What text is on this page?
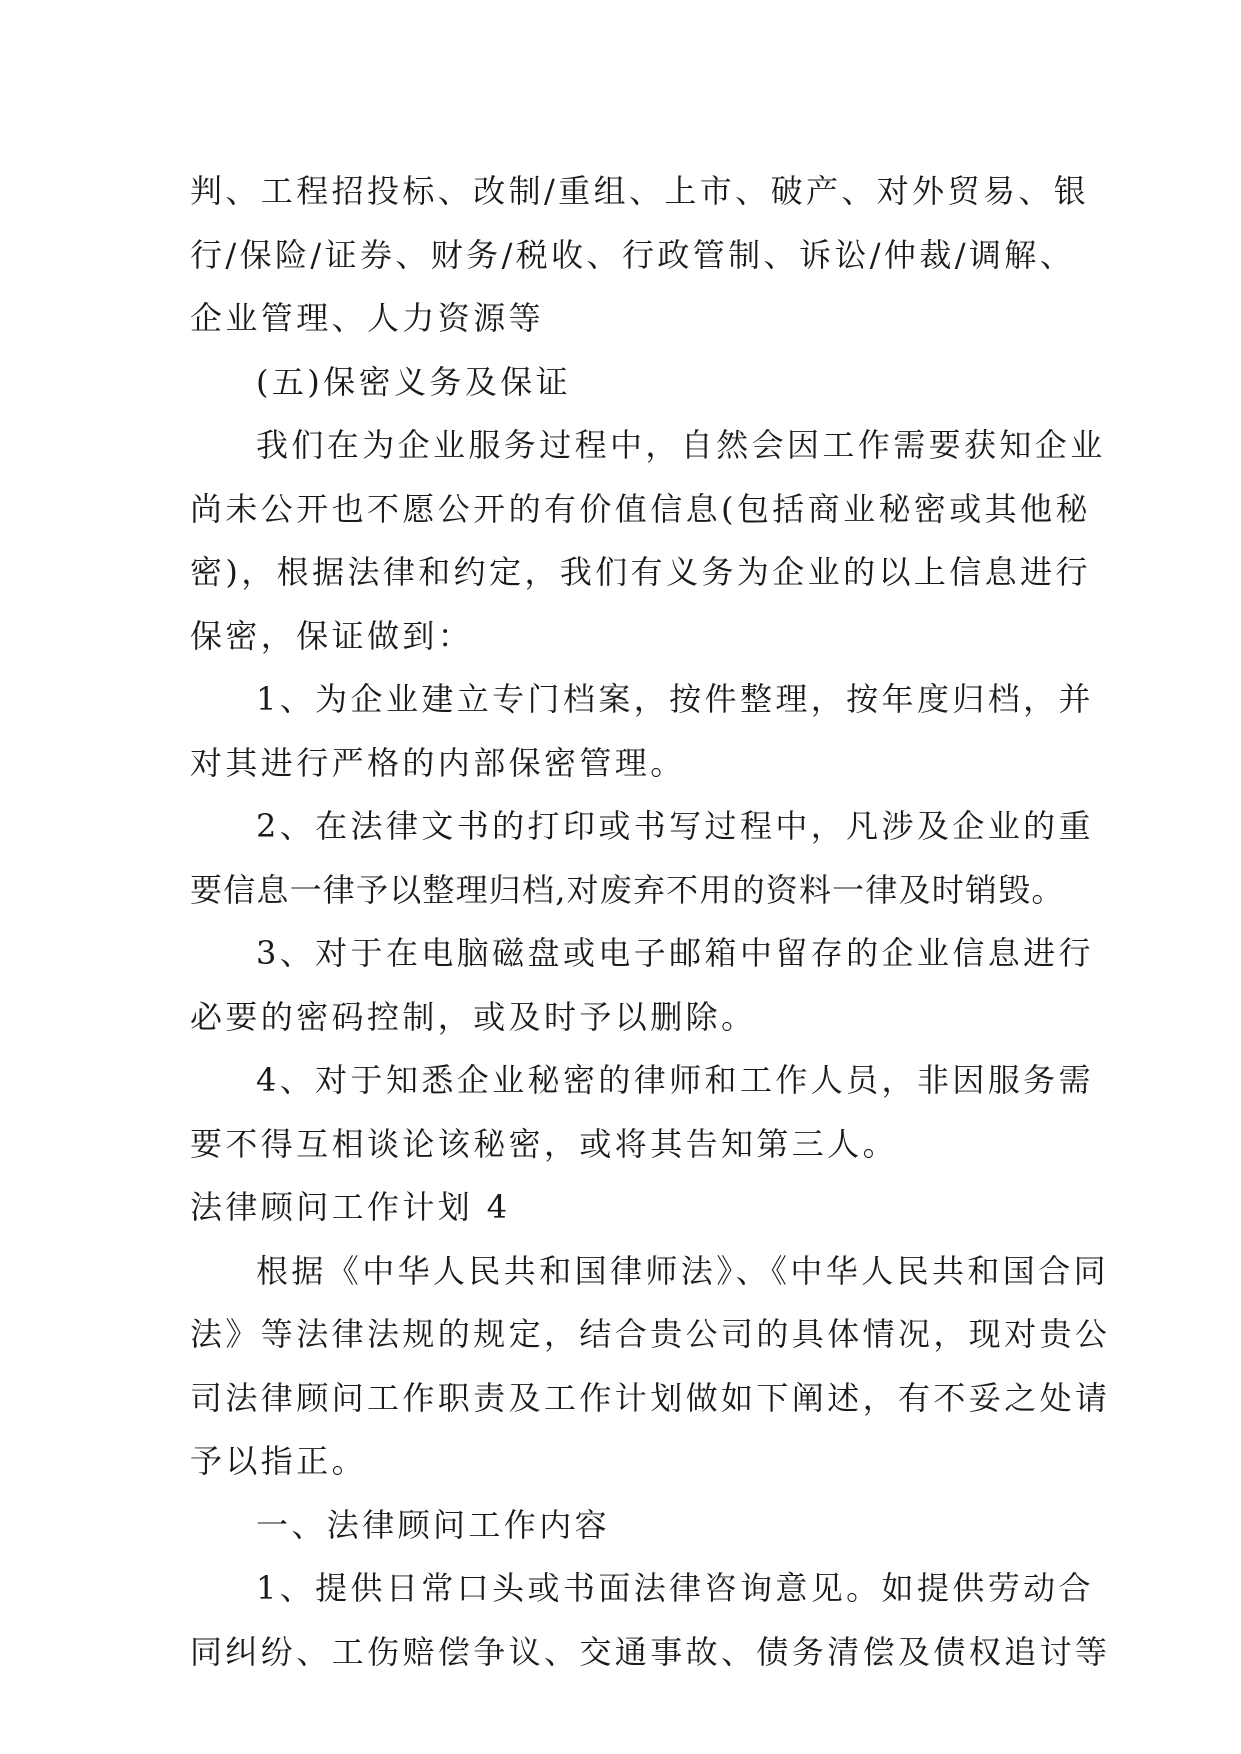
判、工程招投标、改制/重组、上市、破产、对外贸易、银
行/保险/证券、财务/税收、行政管制、诉讼/仲裁/调解、
企业管理、人力资源等
(五)保密义务及保证
我们在为企业服务过程中，自然会因工作需要获知企业
尚未公开也不愿公开的有价值信息(包括商业秘密或其他秘
密)，根据法律和约定，我们有义务为企业的以上信息进行
保密，保证做到：
1、为企业建立专门档案，按件整理，按年度归档，并
对其进行严格的内部保密管理。
2、在法律文书的打印或书写过程中，凡涉及企业的重
要信息一律予以整理归档,对废弃不用的资料一律及时销毁。
3、对于在电脑磁盘或电子邮箱中留存的企业信息进行
必要的密码控制，或及时予以删除。
4、对于知悉企业秘密的律师和工作人员，非因服务需
要不得互相谈论该秘密，或将其告知第三人。
法律顾问工作计划 4
根据《中华人民共和国律师法》、《中华人民共和国合同
法》等法律法规的规定，结合贵公司的具体情况，现对贵公
司法律顾问工作职责及工作计划做如下阐述，有不妥之处请
予以指正。
一、法律顾问工作内容
1、提供日常口头或书面法律咨询意见。如提供劳动合
同纠纷、工伤赔偿争议、交通事故、债务清偿及债权追讨等
